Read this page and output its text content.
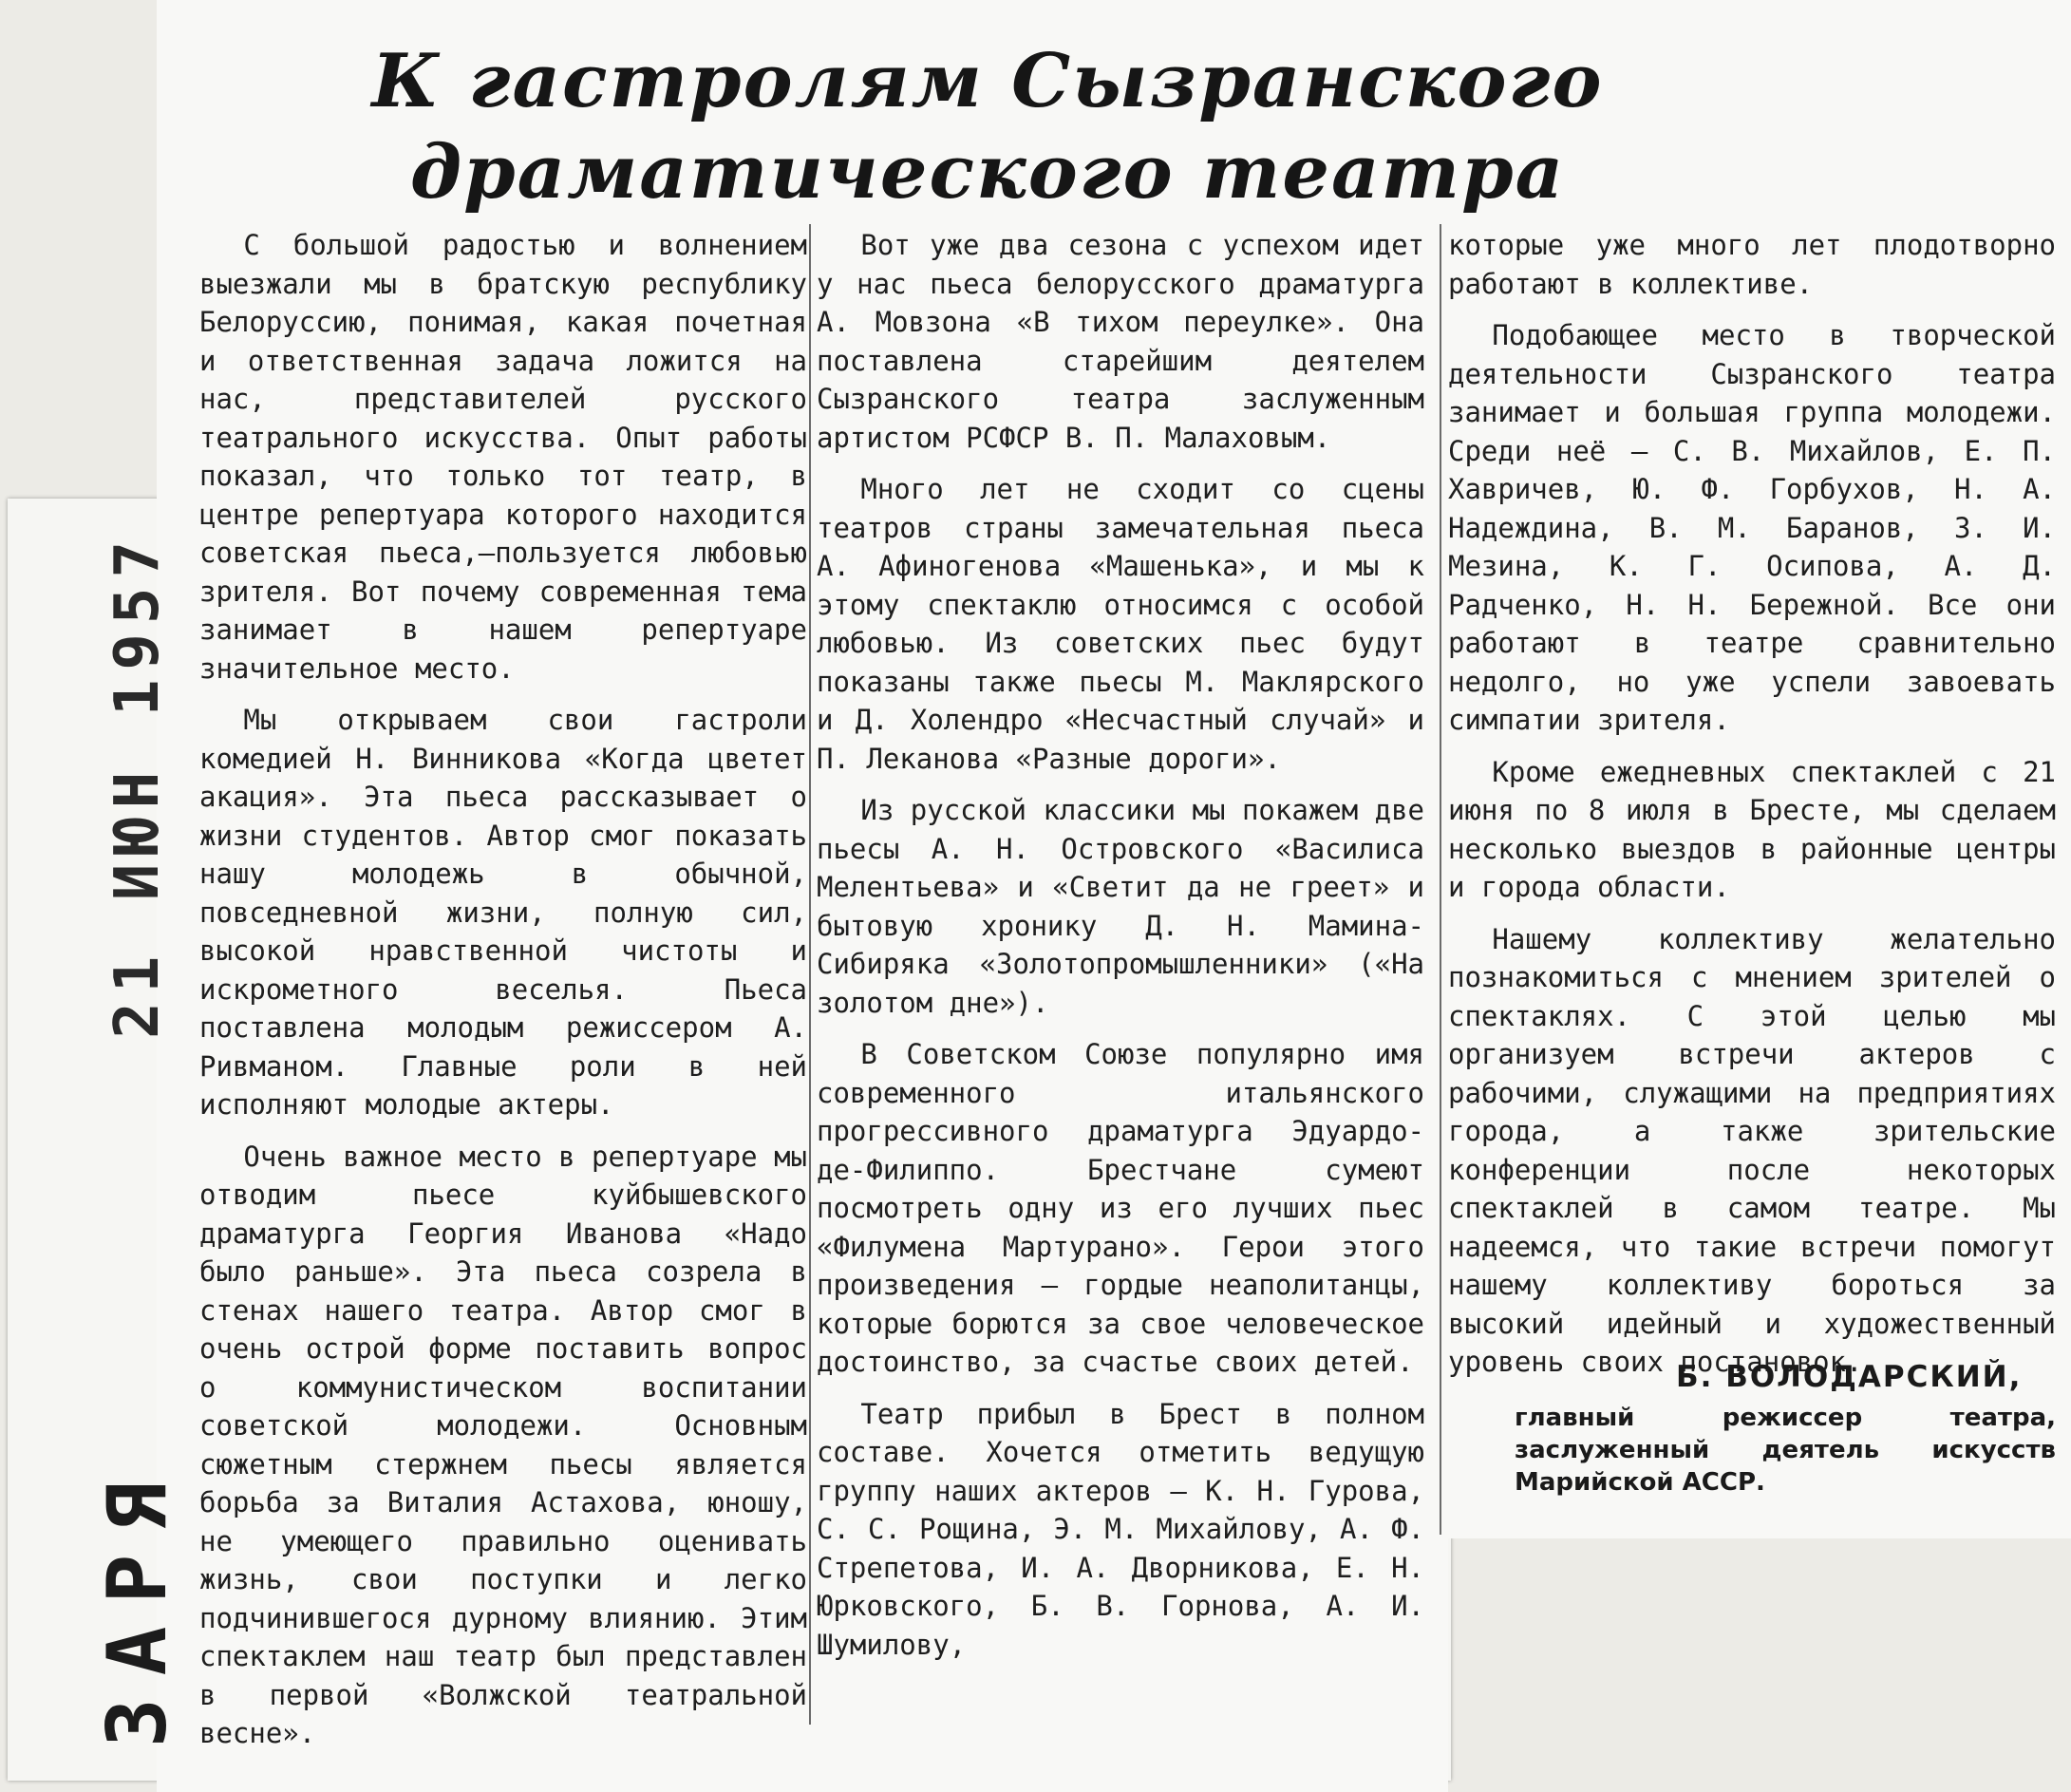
21 ИЮН 1957
ЗАРЯ
К гастролям Сызранского драматического театра

С большой радостью и волнением выезжали мы в братскую республику Белоруссию, понимая, какая почетная и ответственная задача ложится на нас, представителей русского театрального искусства. Опыт работы показал, что только тот театр, в центре репертуара которого находится советская пьеса,—пользуется любовью зрителя. Вот почему современная тема занимает в нашем репертуаре значительное место.

Мы открываем свои гастроли комедией Н. Винникова «Когда цветет акация». Эта пьеса рассказывает о жизни студентов. Автор смог показать нашу молодежь в обычной, повседневной жизни, полную сил, высокой нравственной чистоты и искрометного веселья. Пьеса поставлена молодым режиссером А. Ривманом. Главные роли в ней исполняют молодые актеры.

Очень важное место в репертуаре мы отводим пьесе куйбышевского драматурга Георгия Иванова «Надо было раньше». Эта пьеса созрела в стенах нашего театра. Автор смог в очень острой форме поставить вопрос о коммунистическом воспитании советской молодежи. Основным сюжетным стержнем пьесы является борьба за Виталия Астахова, юношу, не умеющего правильно оценивать жизнь, свои поступки и легко подчинившегося дурному влиянию. Этим спектаклем наш театр был представлен в первой «Волжской театральной весне».

Вот уже два сезона с успехом идет у нас пьеса белорусского драматурга А. Мовзона «В тихом переулке». Она поставлена старейшим деятелем Сызранского театра заслуженным артистом РСФСР В. П. Малаховым.

Много лет не сходит со сцены театров страны замечательная пьеса А. Афиногенова «Машенька», и мы к этому спектаклю относимся с особой любовью. Из советских пьес будут показаны также пьесы М. Маклярского и Д. Холендро «Несчастный случай» и П. Леканова «Разные дороги».

Из русской классики мы покажем две пьесы А. Н. Островского «Василиса Мелентьева» и «Светит да не греет» и бытовую хронику Д. Н. Мамина-Сибиряка «Золотопромышленники» («На золотом дне»).

В Советском Союзе популярно имя современного итальянского прогрессивного драматурга Эдуардо-де-Филиппо. Брестчане сумеют посмотреть одну из его лучших пьес «Филумена Мартурано». Герои этого произведения — гордые неаполитанцы, которые борются за свое человеческое достоинство, за счастье своих детей.

Театр прибыл в Брест в полном составе. Хочется отметить ведущую группу наших актеров — К. Н. Гурова, С. С. Рощина, Э. М. Михайлову, А. Ф. Стрепетова, И. А. Дворникова, Е. Н. Юрковского, Б. В. Горнова, А. И. Шумилову,

которые уже много лет плодотворно работают в коллективе.

Подобающее место в творческой деятельности Сызранского театра занимает и большая группа молодежи. Среди неё — С. В. Михайлов, Е. П. Хавричев, Ю. Ф. Горбухов, Н. А. Надеждина, В. М. Баранов, З. И. Мезина, К. Г. Осипова, А. Д. Радченко, Н. Н. Бережной. Все они работают в театре сравнительно недолго, но уже успели завоевать симпатии зрителя.

Кроме ежедневных спектаклей с 21 июня по 8 июля в Бресте, мы сделаем несколько выездов в районные центры и города области.

Нашему коллективу желательно познакомиться с мнением зрителей о спектаклях. С этой целью мы организуем встречи актеров с рабочими, служащими на предприятиях города, а также зрительские конференции после некоторых спектаклей в самом театре. Мы надеемся, что такие встречи помогут нашему коллективу бороться за высокий идейный и художественный уровень своих постановок.

Б. ВОЛОДАРСКИЙ,
главный режиссер театра, заслуженный деятель искусств Марийской АССР.
